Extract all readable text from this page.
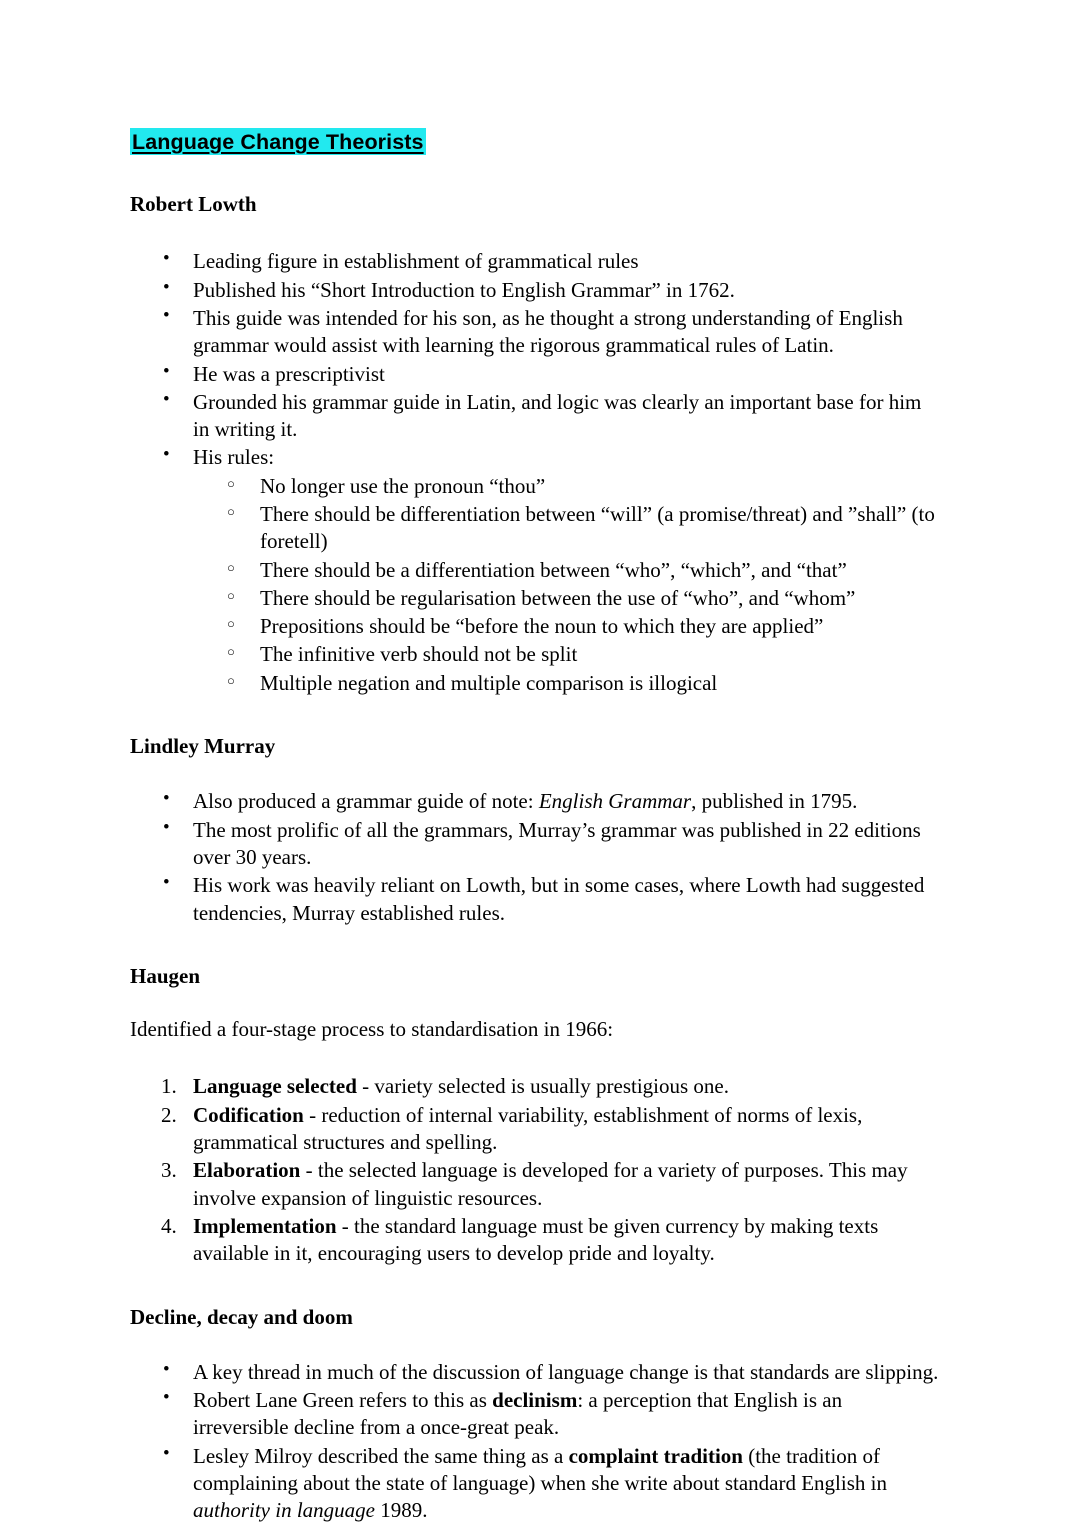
Language Change Theorists
Robert Lowth
• Leading figure in establishment of grammatical rules
• Published his “Short Introduction to English Grammar” in 1762.
• This guide was intended for his son, as he thought a strong understanding of English grammar would assist with learning the rigorous grammatical rules of Latin.
• He was a prescriptivist
• Grounded his grammar guide in Latin, and logic was clearly an important base for him in writing it.
• His rules:
○ No longer use the pronoun “thou”
○ There should be differentiation between “will” (a promise/threat) and ”shall” (to foretell)
○ There should be a differentiation between “who”, “which”, and “that”
○ There should be regularisation between the use of “who”, and “whom”
○ Prepositions should be “before the noun to which they are applied”
○ The infinitive verb should not be split
○ Multiple negation and multiple comparison is illogical
Lindley Murray
• Also produced a grammar guide of note: English Grammar, published in 1795.
• The most prolific of all the grammars, Murray’s grammar was published in 22 editions over 30 years.
• His work was heavily reliant on Lowth, but in some cases, where Lowth had suggested tendencies, Murray established rules.
Haugen

Identified a four-stage process to standardisation in 1966:

Language selected - variety selected is usually prestigious one.
Codification - reduction of internal variability, establishment of norms of lexis, grammatical structures and spelling.
Elaboration - the selected language is developed for a variety of purposes. This may involve expansion of linguistic resources.
Implementation - the standard language must be given currency by making texts available in it, encouraging users to develop pride and loyalty.
Decline, decay and doom
• A key thread in much of the discussion of language change is that standards are slipping.
• Robert Lane Green refers to this as declinism: a perception that English is an irreversible decline from a once-great peak.
• Lesley Milroy described the same thing as a complaint tradition (the tradition of complaining about the state of language) when she write about standard English in authority in language 1989.
